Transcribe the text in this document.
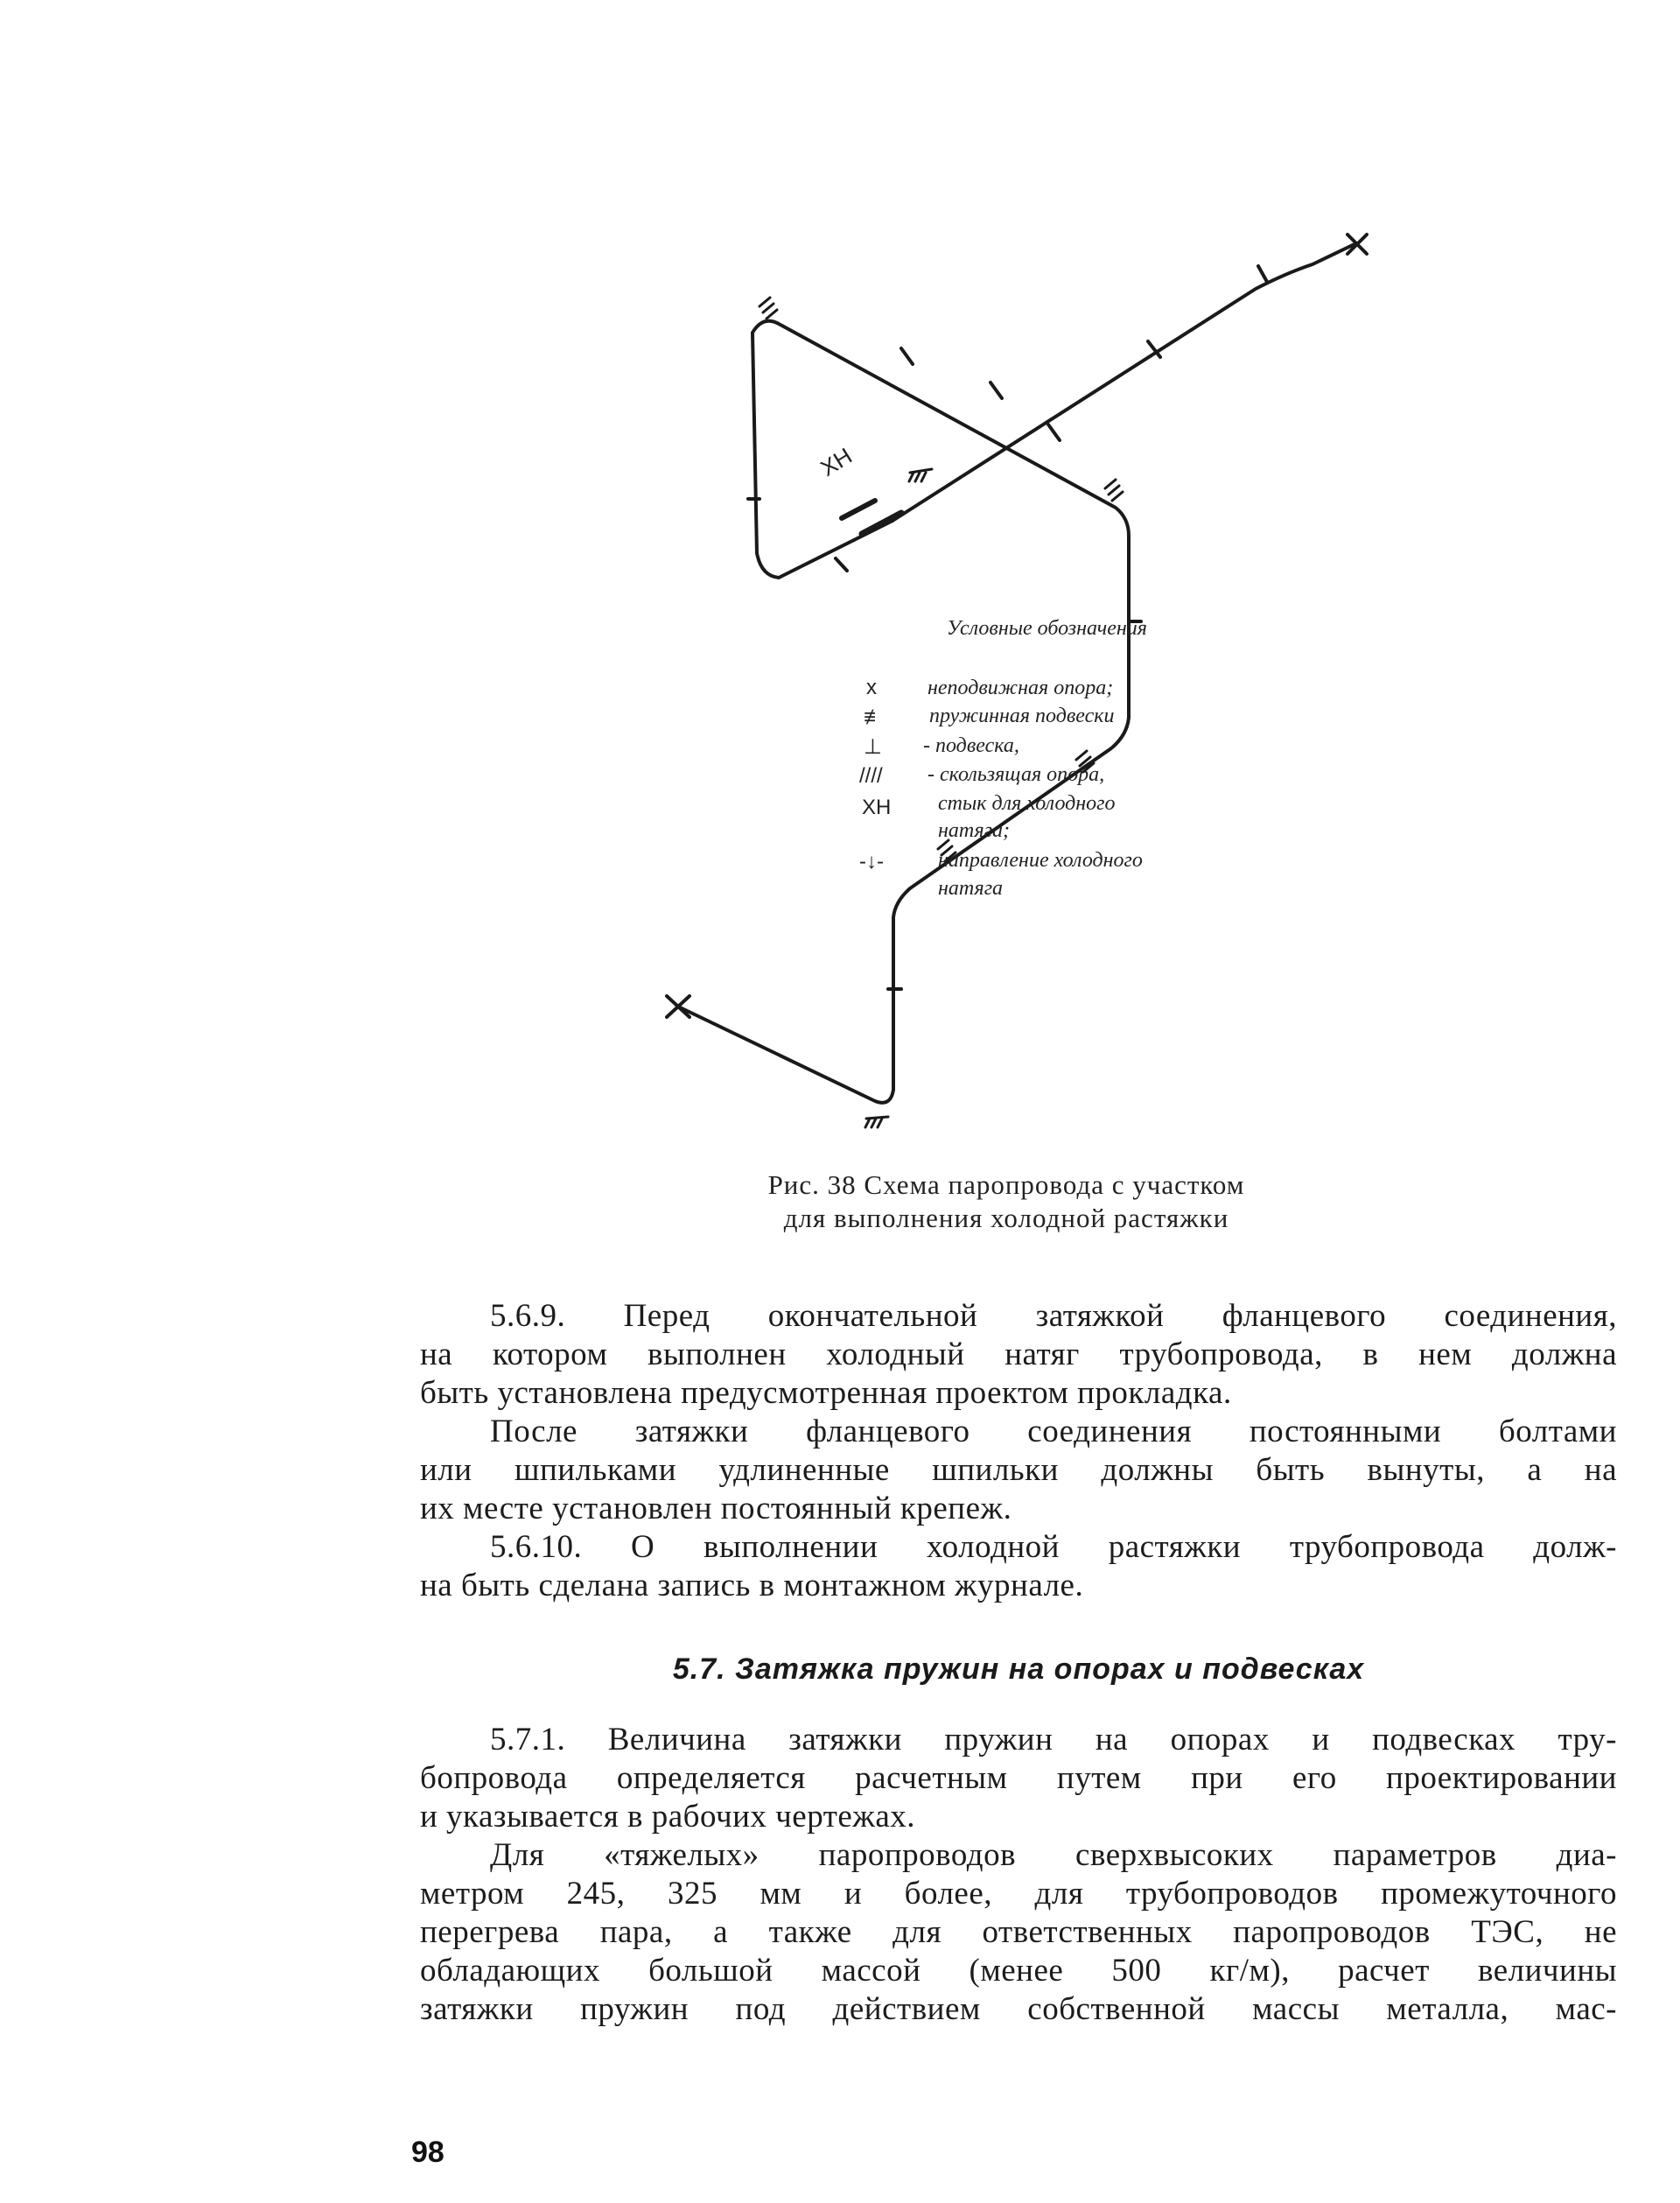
ХН
Условные обозначения
х неподвижная опора;
≢ пружинная подвески
⊥ - подвеска,
//// - скользящая опора,
ХН стык для холодного
натяга;
-↓-	направление холодного
натяга
Рис. 38 Схема паропровода с участком
для выполнения холодной растяжки
5.6.9. Перед окончательной затяжкой фланцевого соединения,
на котором выполнен холодный натяг трубопровода, в нем должна
быть установлена предусмотренная проектом прокладка.
После затяжки фланцевого соединения постоянными болтами
или шпильками удлиненные шпильки должны быть вынуты, а на
их месте установлен постоянный крепеж.
5.6.10. О выполнении холодной растяжки трубопровода долж-
на быть сделана запись в монтажном журнале.
5.7. Затяжка пружин на опорах и подвесках
5.7.1. Величина затяжки пружин на опорах и подвесках тру-
бопровода определяется расчетным путем при его проектировании
и указывается в рабочих чертежах.
Для «тяжелых» паропроводов сверхвысоких параметров диа-
метром 245, 325 мм и более, для трубопроводов промежуточного
перегрева пара, а также для ответственных паропроводов ТЭС, не
обладающих большой массой (менее 500 кг/м), расчет величины
затяжки пружин под действием собственной массы металла, мас-
98
